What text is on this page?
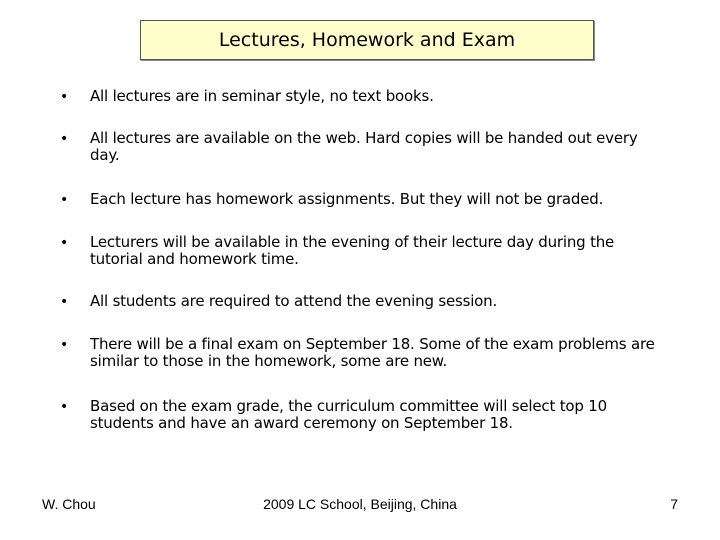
Lectures, Homework and Exam
•	All lectures are in seminar style, no text books.
•	All lectures are available on the web. Hard copies will be handed out every day.
•	Each lecture has homework assignments. But they will not be graded.
•	Lecturers will be available in the evening of their lecture day during the tutorial and homework time.
•	All students are required to attend the evening session.
•	There will be a final exam on September 18. Some of the exam problems are similar to those in the homework, some are new.
•	Based on the exam grade, the curriculum committee will select top 10 students and have an award ceremony on September 18.
W. Chou	2009 LC School, Beijing, China	7
